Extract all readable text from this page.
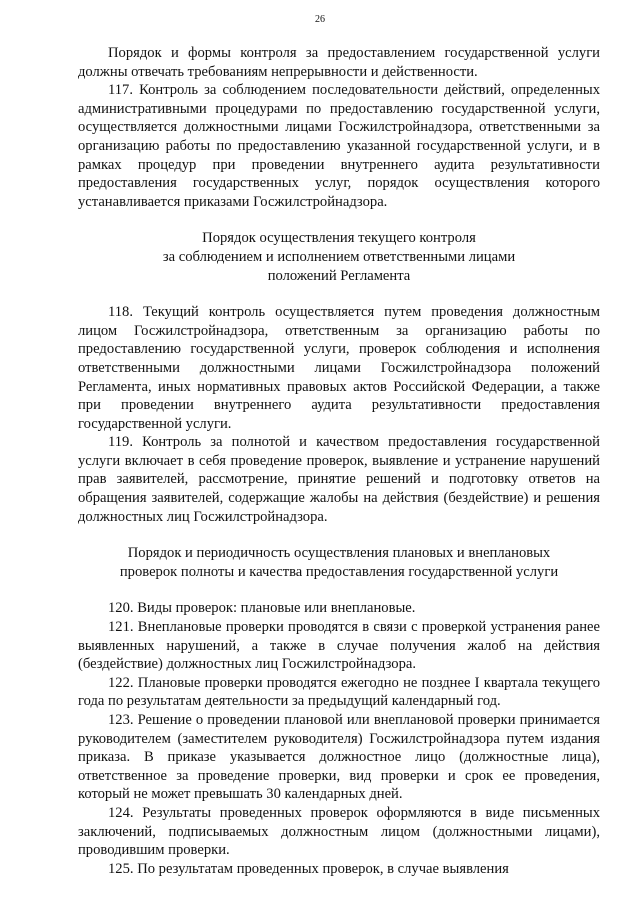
26

Порядок и формы контроля за предоставлением государственной услуги должны отвечать требованиям непрерывности и действенности.

117. Контроль за соблюдением последовательности действий, определенных административными процедурами по предоставлению государственной услуги, осуществляется должностными лицами Госжилстройнадзора, ответственными за организацию работы по предоставлению указанной государственной услуги, и в рамках процедур при проведении внутреннего аудита результативности предоставления государственных услуг, порядок осуществления которого устанавливается приказами Госжилстройнадзора.

Порядок осуществления текущего контроля

за соблюдением и исполнением ответственными лицами

положений Регламента

118. Текущий контроль осуществляется путем проведения должностным лицом Госжилстройнадзора, ответственным за организацию работы по предоставлению государственной услуги, проверок соблюдения и исполнения ответственными должностными лицами Госжилстройнадзора положений Регламента, иных нормативных правовых актов Российской Федерации, а также при проведении внутреннего аудита результативности предоставления государственной услуги.

119. Контроль за полнотой и качеством предоставления государственной услуги включает в себя проведение проверок, выявление и устранение нарушений прав заявителей, рассмотрение, принятие решений и подготовку ответов на обращения заявителей, содержащие жалобы на действия (бездействие) и решения должностных лиц Госжилстройнадзора.

Порядок и периодичность осуществления плановых и внеплановых

проверок полноты и качества предоставления государственной услуги

120. Виды проверок: плановые или внеплановые.

121. Внеплановые проверки проводятся в связи с проверкой устранения ранее выявленных нарушений, а также в случае получения жалоб на действия (бездействие) должностных лиц Госжилстройнадзора.

122. Плановые проверки проводятся ежегодно не позднее I квартала текущего года по результатам деятельности за предыдущий календарный год.

123. Решение о проведении плановой или внеплановой проверки принимается руководителем (заместителем руководителя) Госжилстройнадзора путем издания приказа. В приказе указывается должностное лицо (должностные лица), ответственное за проведение проверки, вид проверки и срок ее проведения, который не может превышать 30 календарных дней.

124. Результаты проведенных проверок оформляются в виде письменных заключений, подписываемых должностным лицом (должностными лицами), проводившим проверки.

125. По результатам проведенных проверок, в случае выявления
